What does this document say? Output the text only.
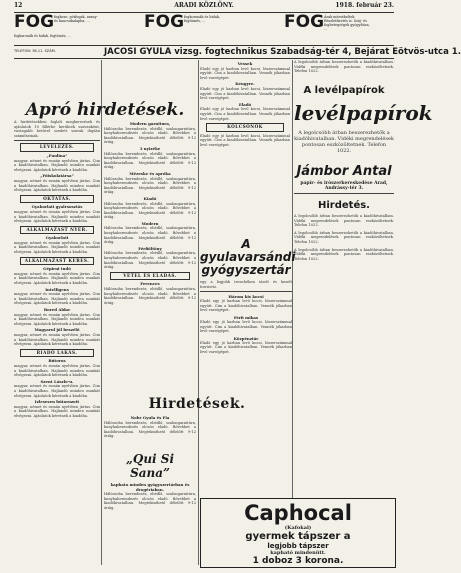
12	ARADI KÖZLÖNY.	1918. február 23.
FOG fogkeze, pótfogak, arany- és kaucsukalapba, ...	FOG fogkoronák és hidak, fogtömés, ...	FOG Árak mérsékeltek. Részletfizetés is. Száj- és fogbetegségek gyógyítása, ...
fogkoronák és hidak, fogtömés, ...
TELEFON: 36-11. SZÁM.	JACOSI GYULA vizsg. fogtechnikus Szabadság-tér 4, Bejárat Eötvös-utca 1.
Apró hirdetések.
A hirdetésekben foglalt megkeresések és ajánlatok 10 fillérbe kerülnek szavanként, vastagabb betűvel szedett szavak duplán számíttatnak.
LEVELEZÉS.
„Paulina”
magyar, német és román nyelvben jártas. Cim a kiadóhivatalban. Hajlandó minden munkát elvégezni. Ajánlatok kéretnek a kiadóba.
„Főiskolatársa”
magyar, német és román nyelvben jártas. Cim a kiadóhivatalban. Hajlandó minden munkát elvégezni. Ajánlatok kéretnek a kiadóba.
OKTATÁS.
Gyakorlati gyalrsosztás
magyar, német és román nyelvben jártas. Cim a kiadóhivatalban. Hajlandó minden munkát elvégezni. Ajánlatok kéretnek a kiadóba.
ALKALMAZAST NYER.
Gyakorlati
magyar, német és román nyelvben jártas. Cim a kiadóhivatalban. Hajlandó minden munkát elvégezni. Ajánlatok kéretnek a kiadóba.
ALKALMAZAST KERES.
Gépírni tudó
magyar, német és román nyelvben jártas. Cim a kiadóhivatalban. Hajlandó minden munkát elvégezni. Ajánlatok kéretnek a kiadóba.
Intelligens
magyar, német és román nyelvben jártas. Cim a kiadóhivatalban. Hajlandó minden munkát elvégezni. Ajánlatok kéretnek a kiadóba.
Bored Aldar
magyar, német és román nyelvben jártas. Cim a kiadóhivatalban. Hajlandó minden munkát elvégezni. Ajánlatok kéretnek a kiadóba.
Magyarul jól beszélő
magyar, német és román nyelvben jártas. Cim a kiadóhivatalban. Hajlandó minden munkát elvégezni. Ajánlatok kéretnek a kiadóba.
RIADÓ LAKÁS.
Bútoros
magyar, német és román nyelvben jártas. Cim a kiadóhivatalban. Hajlandó minden munkát elvégezni. Ajánlatok kéretnek a kiadóba.
Szent Lászlo-u.
magyar, német és román nyelvben jártas. Cim a kiadóhivatalban. Hajlandó minden munkát elvégezni. Ajánlatok kéretnek a kiadóba.
Izlesesen bútorozott
magyar, német és román nyelvben jártas. Cim a kiadóhivatalban. Hajlandó minden munkát elvégezni. Ajánlatok kéretnek a kiadóba.
Modern garnitura,
Hálószoba berendezés, ebédlő, szalongarnitúra, konyhaberendezés olcsón eladó. Bővebbet a kiadóhivatalban. Megtekinthető délelőtt 9-12 óráig.
3 nyizéke
Hálószoba berendezés, ebédlő, szalongarnitúra, konyhaberendezés olcsón eladó. Bővebbet a kiadóhivatalban. Megtekinthető délelőtt 9-12 óráig.
Mézeske és apróka
Hálószoba berendezés, ebédlő, szalongarnitúra, konyhaberendezés olcsón eladó. Bővebbet a kiadóhivatalban. Megtekinthető délelőtt 9-12 óráig.
Kiadó
Hálószoba berendezés, ebédlő, szalongarnitúra, konyhaberendezés olcsón eladó. Bővebbet a kiadóhivatalban. Megtekinthető délelőtt 9-12 óráig.
Modern
Hálószoba berendezés, ebédlő, szalongarnitúra, konyhaberendezés olcsón eladó. Bővebbet a kiadóhivatalban. Megtekinthető délelőtt 9-12 óráig.
Férfiöltöny
Hálószoba berendezés, ebédlő, szalongarnitúra, konyhaberendezés olcsón eladó. Bővebbet a kiadóhivatalban. Megtekinthető délelőtt 9-12 óráig.
VÉTEL ÉS ELADÁS.
Ferences
Hálószoba berendezés, ebédlő, szalongarnitúra, konyhaberendezés olcsón eladó. Bővebbet a kiadóhivatalban. Megtekinthető délelőtt 9-12 óráig.
Hirdetések.
Nobr Gyula és Fia
Hálószoba berendezés, ebédlő, szalongarnitúra, konyhaberendezés olcsón eladó. Bővebbet a kiadóhivatalban. Megtekinthető délelőtt 9-12 óráig.
„Qui Si Sana”
kaphato minden gyógyszertárban és drogériaban.
Hálószoba berendezés, ebédlő, szalongarnitúra, konyhaberendezés olcsón eladó. Bővebbet a kiadóhivatalban. Megtekinthető délelőtt 9-12 óráig.
Vessek
Eladó egy jó karban levő kocsi, lószerszámmal együtt. Cim a kiadóhivatalban. Vennék jókarban levő varrógépet.
Kengyre.
Eladó egy jó karban levő kocsi, lószerszámmal együtt. Cim a kiadóhivatalban. Vennék jókarban levő varrógépet.
Eladó
Eladó egy jó karban levő kocsi, lószerszámmal együtt. Cim a kiadóhivatalban. Vennék jókarban levő varrógépet.
KÖLCSÖNÖK
Eladó egy jó karban levő kocsi, lószerszámmal együtt. Cim a kiadóhivatalban. Vennék jókarban levő varrógépet.
A gyulavarsándi gyógyszertár
egy a legjobb trenchéken tárolt és kezelt forrásvíz.
Három kis kocsi
Eladó egy jó karban levő kocsi, lószerszámmal együtt. Cim a kiadóhivatalban. Vennék jókarban levő varrógépet.
Férfi mikas
Eladó egy jó karban levő kocsi, lószerszámmal együtt. Cim a kiadóhivatalban. Vennék jókarban levő varrógépet.
Közpénztár
Eladó egy jó karban levő kocsi, lószerszámmal együtt. Cim a kiadóhivatalban. Vennék jókarban levő varrógépet.
A legolcsóbb árban beszerezhetők a kiadóhivatalban. Vidéki megrendelések pontosan eszközöltetnek. Telefon 1022.
A levélpapírok
levélpapírok
A legolcsóbb árban beszerezhetők a kiadóhivatalban. Vidéki megrendelések pontosan eszközöltetnek. Telefon 1022.
Jámbor Antal
papír- és irószerkereskedése Arad, Andrássy-tér 3.
Hirdetés.
A legolcsóbb árban beszerezhetők a kiadóhivatalban. Vidéki megrendelések pontosan eszközöltetnek. Telefon 1022.
A legolcsóbb árban beszerezhetők a kiadóhivatalban. Vidéki megrendelések pontosan eszközöltetnek. Telefon 1022.
A legolcsóbb árban beszerezhetők a kiadóhivatalban. Vidéki megrendelések pontosan eszközöltetnek. Telefon 1022.
Caphocal
(Kafokal)
gyermek tápszer a
legjobb tápszer
kapható mindenütt.
1 doboz 3 korona.
